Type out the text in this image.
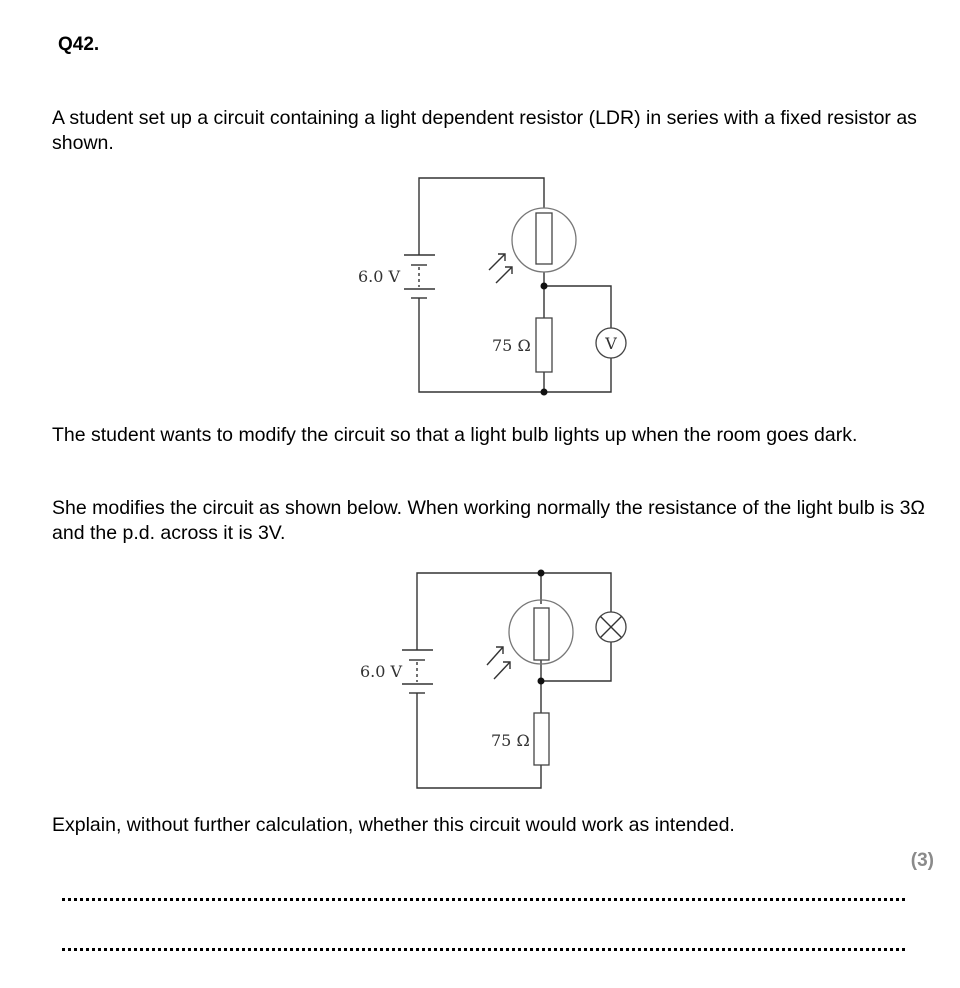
Q42.
A student set up a circuit containing a light dependent resistor (LDR) in series with a fixed resistor as shown.
6.0 V
75 Ω	V
The student wants to modify the circuit so that a light bulb lights up when the room goes dark.
She modifies the circuit as shown below. When working normally the resistance of the light bulb is 3Ω and the p.d. across it is 3V.
6.0 V
75 Ω
Explain, without further calculation, whether this circuit would work as intended.
(3)
